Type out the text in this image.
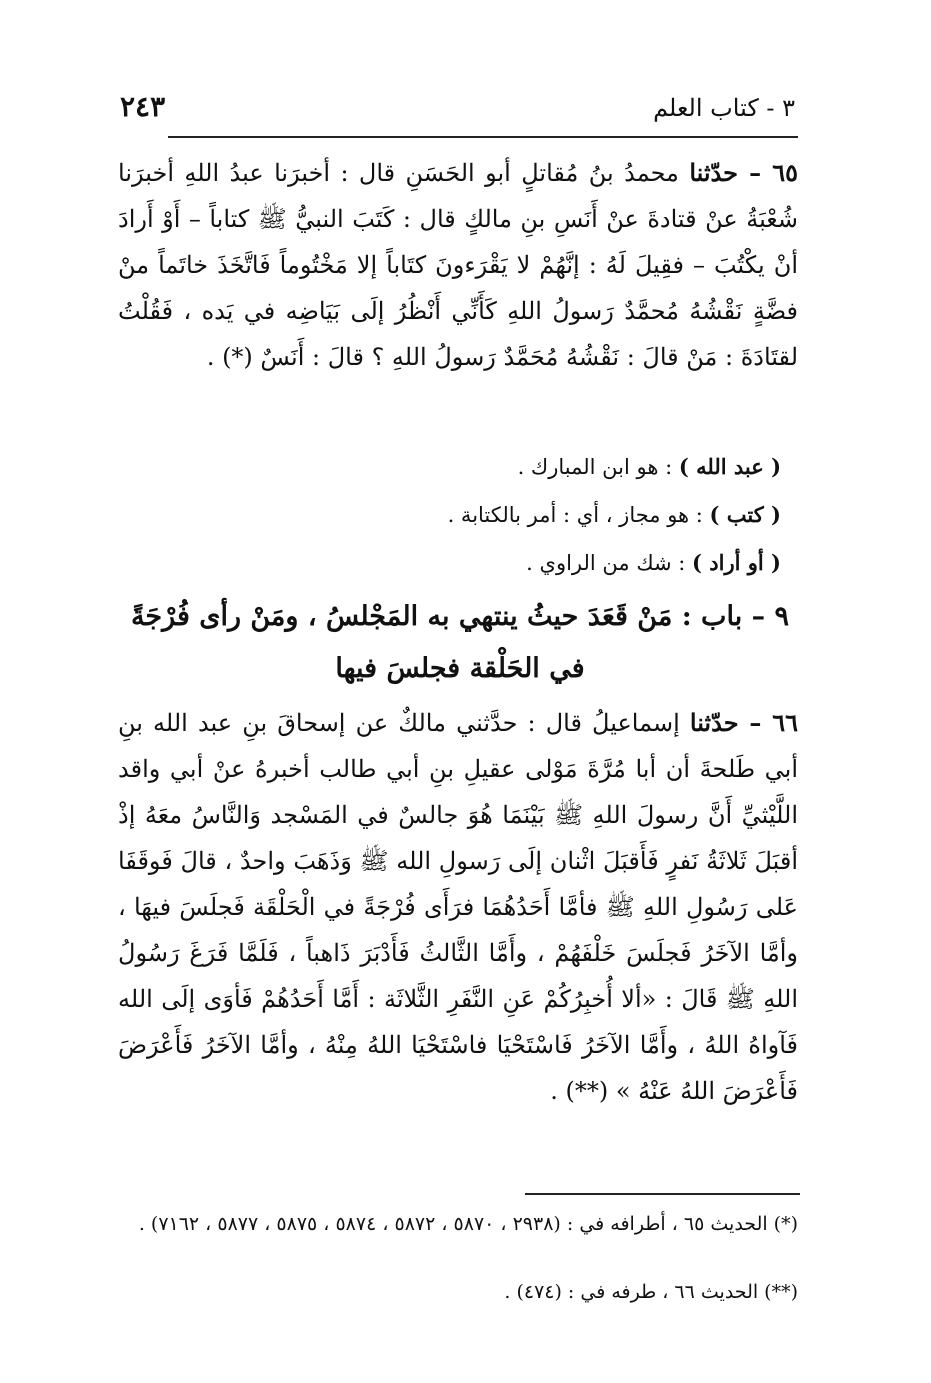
٣ - كتاب العلم
٢٤٣
٦٥ – حدّثنا محمدُ بنُ مُقاتلٍ أبو الحَسَنِ قال : أخبرَنا عبدُ اللهِ أخبرَنا شُعْبَةُ عنْ قتادةَ عنْ أَنَسِ بنِ مالكٍ قال : كَتَبَ النبيُّ ﷺ كتاباً – أَوْ أَرادَ أنْ يكْتُبَ – فقِيلَ لَهُ : إنَّهُمْ لا يَقْرَءونَ كتَاباً إلا مَخْتُوماً فَاتَّخَذَ خاتَماً منْ فضَّةٍ نَقْشُهُ مُحمَّدٌ رَسولُ اللهِ كَأَنِّي أَنْظُرُ إلَى بَيَاضِه في يَده ، فَقُلْتُ لقتَادَةَ : مَنْ قالَ : نَقْشُهُ مُحَمَّدٌ رَسولُ اللهِ ؟ قالَ : أَنَسٌ (*) .
( عبد الله ) : هو ابن المبارك .
( كتب ) : هو مجاز ، أي : أمر بالكتابة .
( أو أراد ) : شك من الراوي .
٩ – باب : مَنْ قَعَدَ حيثُ ينتهي به المَجْلسُ ، ومَنْ رأى فُرْجَةً
في الحَلْقة فجلسَ فيها
٦٦ – حدّثنا إسماعيلُ قال : حدَّثني مالكٌ عن إسحاقَ بنِ عبد الله بنِ أبي طَلحةَ أن أبا مُرَّةَ مَوْلى عقيلِ بنِ أبي طالب أخبرهُ عنْ أبي واقد اللَّيْثيِّ أَنَّ رسولَ اللهِ ﷺ بَيْنَمَا هُوَ جالسٌ في المَسْجد وَالنَّاسُ معَهُ إذْ أقبَلَ ثَلاثَةُ نَفرٍ فَأَقبَلَ اثْنان إلَى رَسولِ الله ﷺ وَذَهَبَ واحدٌ ، قالَ فَوقَفَا عَلى رَسُولِ اللهِ ﷺ فأمَّا أَحَدُهُمَا فرَأَى فُرْجَةً في الْحَلْقَة فَجلَسَ فيهَا ، وأمَّا الآخَرُ فَجلَسَ خَلْفَهُمْ ، وأَمَّا الثَّالثُ فَأَدْبَرَ ذَاهباً ، فَلَمَّا فَرَغَ رَسُولُ اللهِ ﷺ قَالَ : «ألا أُخبِرُكُمْ عَنِ النَّفَرِ الثَّلاثَة : أَمَّا أَحَدُهُمْ فَأوَى إلَى الله فَآواهُ اللهُ ، وأَمَّا الآخَرُ فَاسْتَحْيَا فاسْتَحْيَا اللهُ مِنْهُ ، وأمَّا الآخَرُ فَأَعْرَضَ فَأَعْرَضَ اللهُ عَنْهُ » (**) .
(*) الحديث ٦٥ ، أطرافه في : (٢٩٣٨ ، ٥٨٧٠ ، ٥٨٧٢ ، ٥٨٧٤ ، ٥٨٧٥ ، ٥٨٧٧ ، ٧١٦٢) .
(**) الحديث ٦٦ ، طرفه في : (٤٧٤) .
